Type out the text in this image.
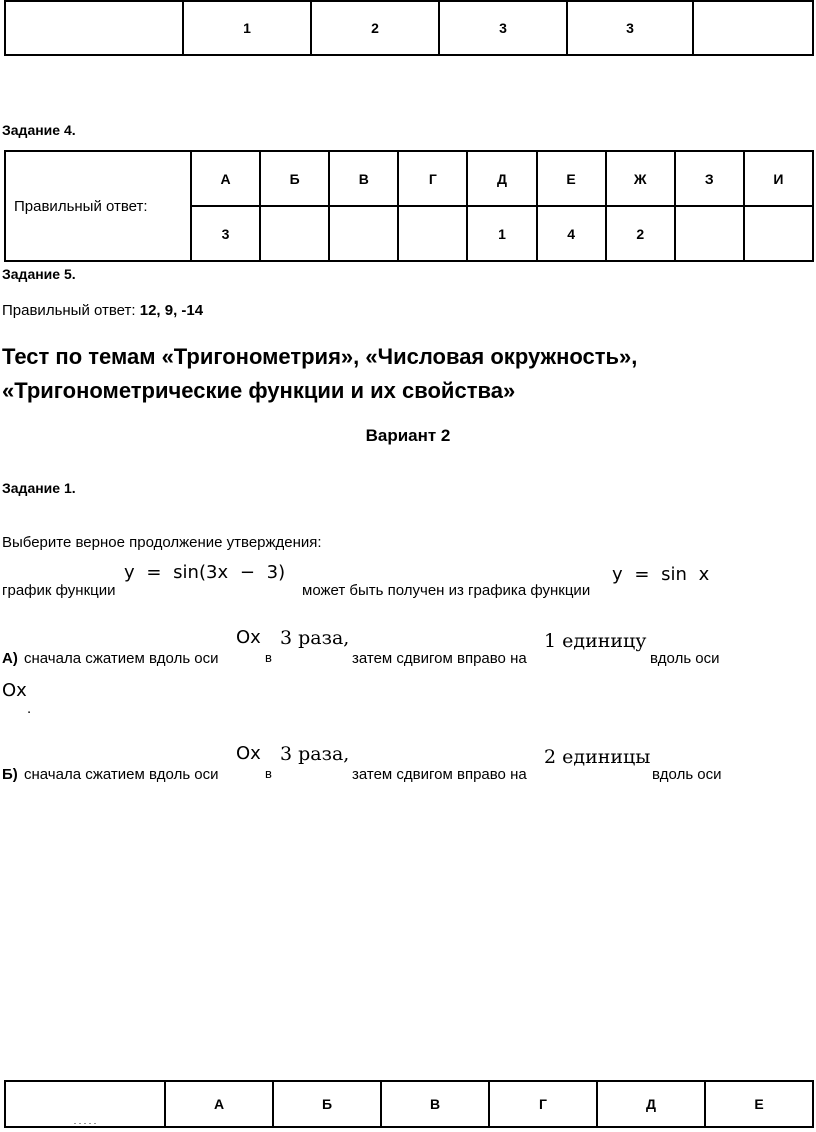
	1	2	3	3	
Задание 4.
Правильный ответ:	А	Б	В	Г	Д	Е	Ж	З	И
	3				1	4	2		
Задание 5.
Правильный ответ: 12, 9, -14
Тест по темам «Тригонометрия», «Числовая окружность»,
«Тригонометрические функции и их свойства»
Вариант 2
Задание 1.
Выберите верное продолжение утверждения:
график функции
y = sin(3x − 3)
может быть получен из графика функции
y = sin x
Ox 3 раза,	1 единицу
А) сначала сжатием вдоль оси	в	затем сдвигом вправо на	вдоль оси
Ox
.
Ox 3 раза,	2 единицы
Б) сначала сжатием вдоль оси	в	затем сдвигом вправо на	вдоль оси
. . . . .	А	Б	В	Г	Д	Е
